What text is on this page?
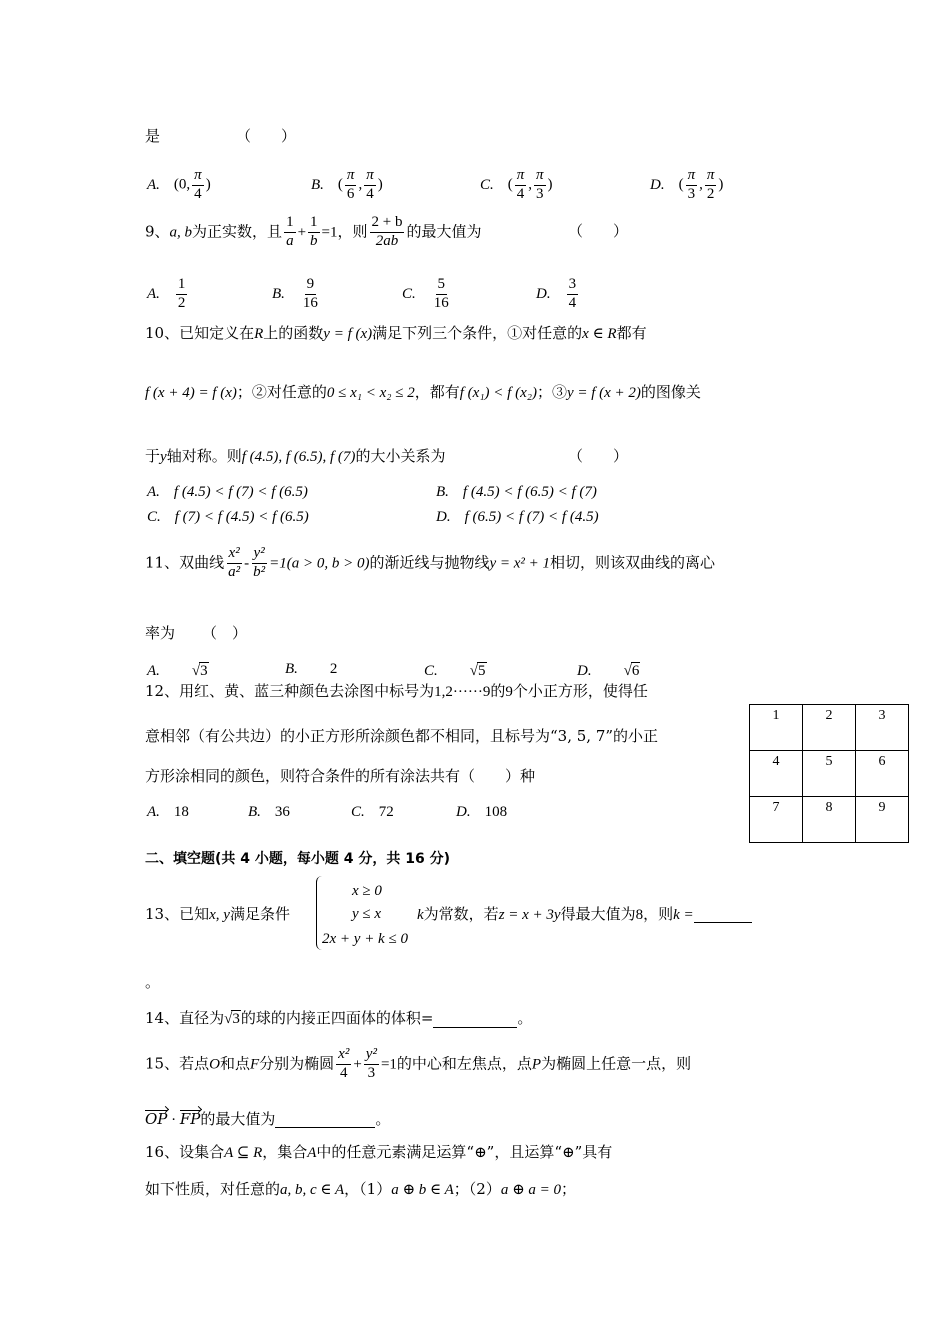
是	（　　）
A. (0, $\frac{\pi}{4}$ )	B. ( $\frac{\pi}{6}$ , $\frac{\pi}{4}$ )	C. ( $\frac{\pi}{4}$ , $\frac{\pi}{3}$ )	D. ( $\frac{\pi}{3}$ , $\frac{\pi}{2}$ )
9、a, b为正实数，且 $\frac{1}{a} + \frac{1}{b} =1$，则 $\frac{2 + b}{2ab}$ 的最大值为	（　　）
A. $\frac{1}{2}$	B. $\frac{9}{16}$	C. $\frac{5}{16}$	D. $\frac{3}{4}$
10、已知定义在R上的函数y = f (x)满足下列三个条件，①对任意的x ∈ R都有
f (x + 4) = f (x)；②对任意的0 ≤ x₁ < x₂ ≤ 2，都有f (x₁) < f (x₂)；③y = f (x + 2)的图像关
于y轴对称。则f (4.5), f (6.5), f (7)的大小关系为	（　　）
A. f (4.5) < f (7) < f (6.5)	B. f (4.5) < f (6.5) < f (7)
C. f (7) < f (4.5) < f (6.5)	D. f (6.5) < f (7) < f (4.5)
11、双曲线 $\frac{\text{x²}}{\text{a²}} - \frac{\text{y²}}{\text{b²}} =1(a > 0$, b > 0)的渐近线与抛物线y = x² + 1相切，则该双曲线的离心
率为 （　）
A. √3	B. 2	C. √5	D. √6
12、用红、黄、蓝三种颜色去涂图中标号为1,2······9的9个小正方形，使得任
意相邻（有公共边）的小正方形所涂颜色都不相同，且标号为“3, 5, 7”的小正
方形涂相同的颜色，则符合条件的所有涂法共有（　　）种
A. 18	B. 36	C. 72	D. 108
1	2	3
4	5	6
7	8	9
二、填空题(共 4 小题，每小题 4 分，共 16 分)
13、已知x, y满足条件
x ≥ 0
y ≤ x
2x + y + k ≤ 0
k为常数，若z = x + 3y得最大值为8，则k =
。
14、直径为√3的球的内接正四面体的体积=	。
15、若点O和点F分别为椭圆 $\frac{\text{x²}}{4} + \frac{\text{y²}}{3} =1$的中心和左焦点，点P为椭圆上任意一点，则
OP · FP的最大值为	。
16、设集合A ⊆ R，集合A中的任意元素满足运算“⊕”，且运算“⊕”具有
如下性质，对任意的a, b, c ∈ A，（1）a ⊕ b ∈ A；（2）a ⊕ a = 0；
